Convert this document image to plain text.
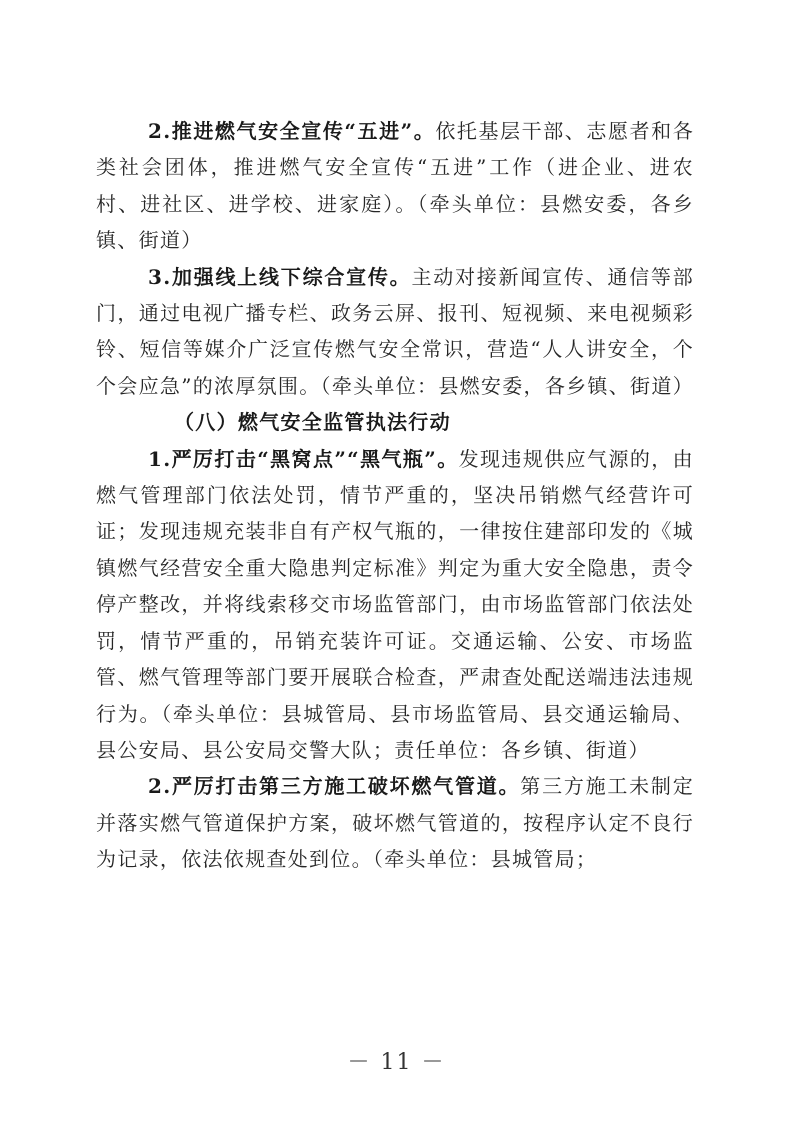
2.推进燃气安全宣传“五进”。依托基层干部、志愿者和各类社会团体，推进燃气安全宣传“五进”工作（进企业、进农村、进社区、进学校、进家庭）。（牵头单位：县燃安委，各乡镇、街道）

3.加强线上线下综合宣传。主动对接新闻宣传、通信等部门，通过电视广播专栏、政务云屏、报刊、短视频、来电视频彩铃、短信等媒介广泛宣传燃气安全常识，营造“人人讲安全，个个会应急”的浓厚氛围。（牵头单位：县燃安委，各乡镇、街道）

（八）燃气安全监管执法行动

1.严厉打击“黑窝点”“黑气瓶”。发现违规供应气源的，由燃气管理部门依法处罚，情节严重的，坚决吊销燃气经营许可证；发现违规充装非自有产权气瓶的，一律按住建部印发的《城镇燃气经营安全重大隐患判定标准》判定为重大安全隐患，责令停产整改，并将线索移交市场监管部门，由市场监管部门依法处罚，情节严重的，吊销充装许可证。交通运输、公安、市场监管、燃气管理等部门要开展联合检查，严肃查处配送端违法违规行为。（牵头单位：县城管局、县市场监管局、县交通运输局、县公安局、县公安局交警大队；责任单位：各乡镇、街道）

2.严厉打击第三方施工破坏燃气管道。第三方施工未制定并落实燃气管道保护方案，破坏燃气管道的，按程序认定不良行为记录，依法依规查处到位。（牵头单位：县城管局；

－ 11 －
